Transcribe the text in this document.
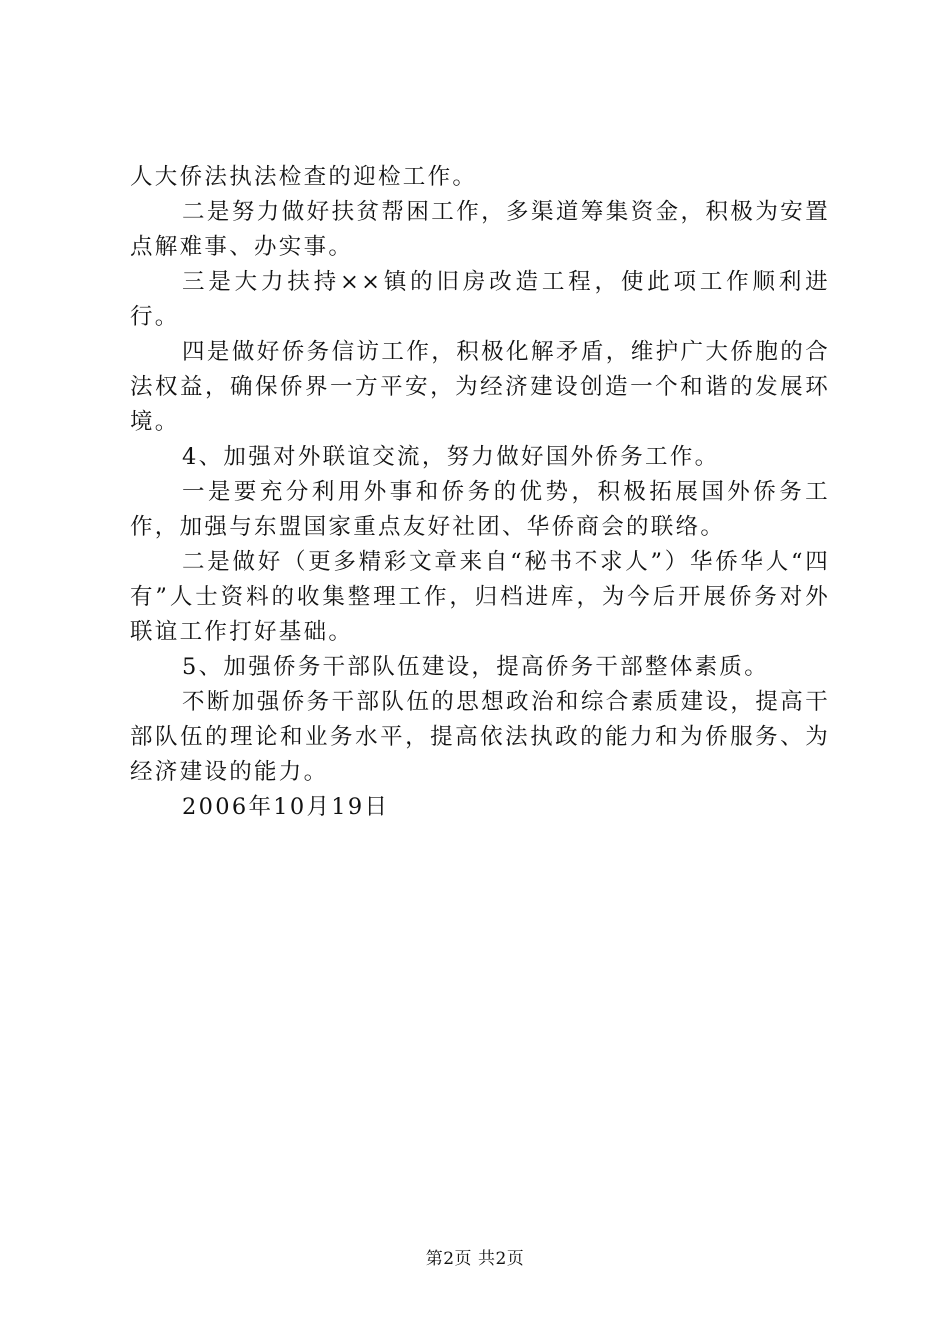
人大侨法执法检查的迎检工作。

二是努力做好扶贫帮困工作，多渠道筹集资金，积极为安置点解难事、办实事。

三是大力扶持××镇的旧房改造工程，使此项工作顺利进行。

四是做好侨务信访工作，积极化解矛盾，维护广大侨胞的合法权益，确保侨界一方平安，为经济建设创造一个和谐的发展环境。

4、加强对外联谊交流，努力做好国外侨务工作。

一是要充分利用外事和侨务的优势，积极拓展国外侨务工作，加强与东盟国家重点友好社团、华侨商会的联络。

二是做好（更多精彩文章来自“秘书不求人”）华侨华人“四有”人士资料的收集整理工作，归档进库，为今后开展侨务对外联谊工作打好基础。

5、加强侨务干部队伍建设，提高侨务干部整体素质。

不断加强侨务干部队伍的思想政治和综合素质建设，提高干部队伍的理论和业务水平，提高依法执政的能力和为侨服务、为经济建设的能力。

2006年10月19日

第2页 共2页
